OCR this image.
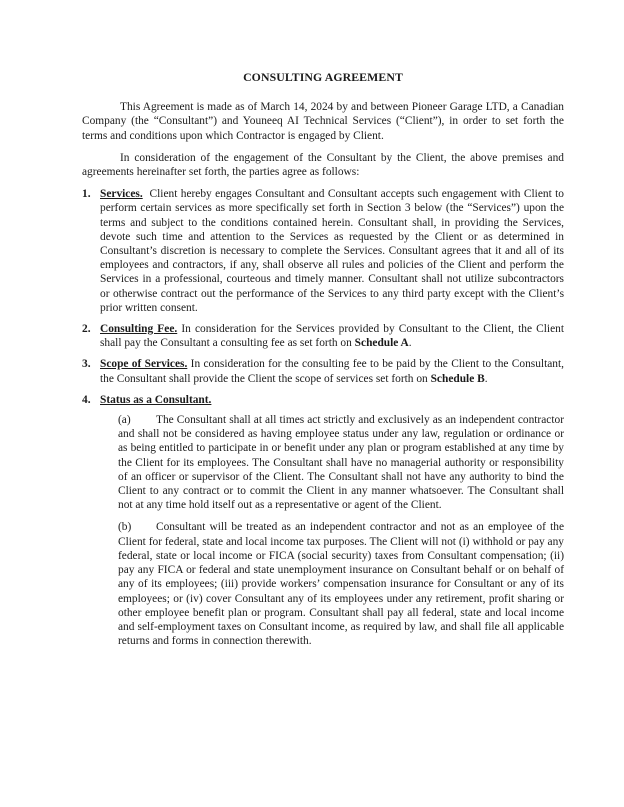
CONSULTING AGREEMENT

This Agreement is made as of March 14, 2024 by and between Pioneer Garage LTD, a Canadian Company (the “Consultant”) and Youneeq AI Technical Services (“Client”), in order to set forth the terms and conditions upon which Contractor is engaged by Client.

In consideration of the engagement of the Consultant by the Client, the above premises and agreements hereinafter set forth, the parties agree as follows:

1. Services. Client hereby engages Consultant and Consultant accepts such engagement with Client to perform certain services as more specifically set forth in Section 3 below (the “Services”) upon the terms and subject to the conditions contained herein. Consultant shall, in providing the Services, devote such time and attention to the Services as requested by the Client or as determined in Consultant’s discretion is necessary to complete the Services. Consultant agrees that it and all of its employees and contractors, if any, shall observe all rules and policies of the Client and perform the Services in a professional, courteous and timely manner. Consultant shall not utilize subcontractors or otherwise contract out the performance of the Services to any third party except with the Client’s prior written consent.

2. Consulting Fee. In consideration for the Services provided by Consultant to the Client, the Client shall pay the Consultant a consulting fee as set forth on Schedule A.

3. Scope of Services. In consideration for the consulting fee to be paid by the Client to the Consultant, the Consultant shall provide the Client the scope of services set forth on Schedule B.

4. Status as a Consultant.

(a) The Consultant shall at all times act strictly and exclusively as an independent contractor and shall not be considered as having employee status under any law, regulation or ordinance or as being entitled to participate in or benefit under any plan or program established at any time by the Client for its employees. The Consultant shall have no managerial authority or responsibility of an officer or supervisor of the Client. The Consultant shall not have any authority to bind the Client to any contract or to commit the Client in any manner whatsoever. The Consultant shall not at any time hold itself out as a representative or agent of the Client.

(b) Consultant will be treated as an independent contractor and not as an employee of the Client for federal, state and local income tax purposes. The Client will not (i) withhold or pay any federal, state or local income or FICA (social security) taxes from Consultant compensation; (ii) pay any FICA or federal and state unemployment insurance on Consultant behalf or on behalf of any of its employees; (iii) provide workers’ compensation insurance for Consultant or any of its employees; or (iv) cover Consultant any of its employees under any retirement, profit sharing or other employee benefit plan or program. Consultant shall pay all federal, state and local income and self-employment taxes on Consultant income, as required by law, and shall file all applicable returns and forms in connection therewith.
